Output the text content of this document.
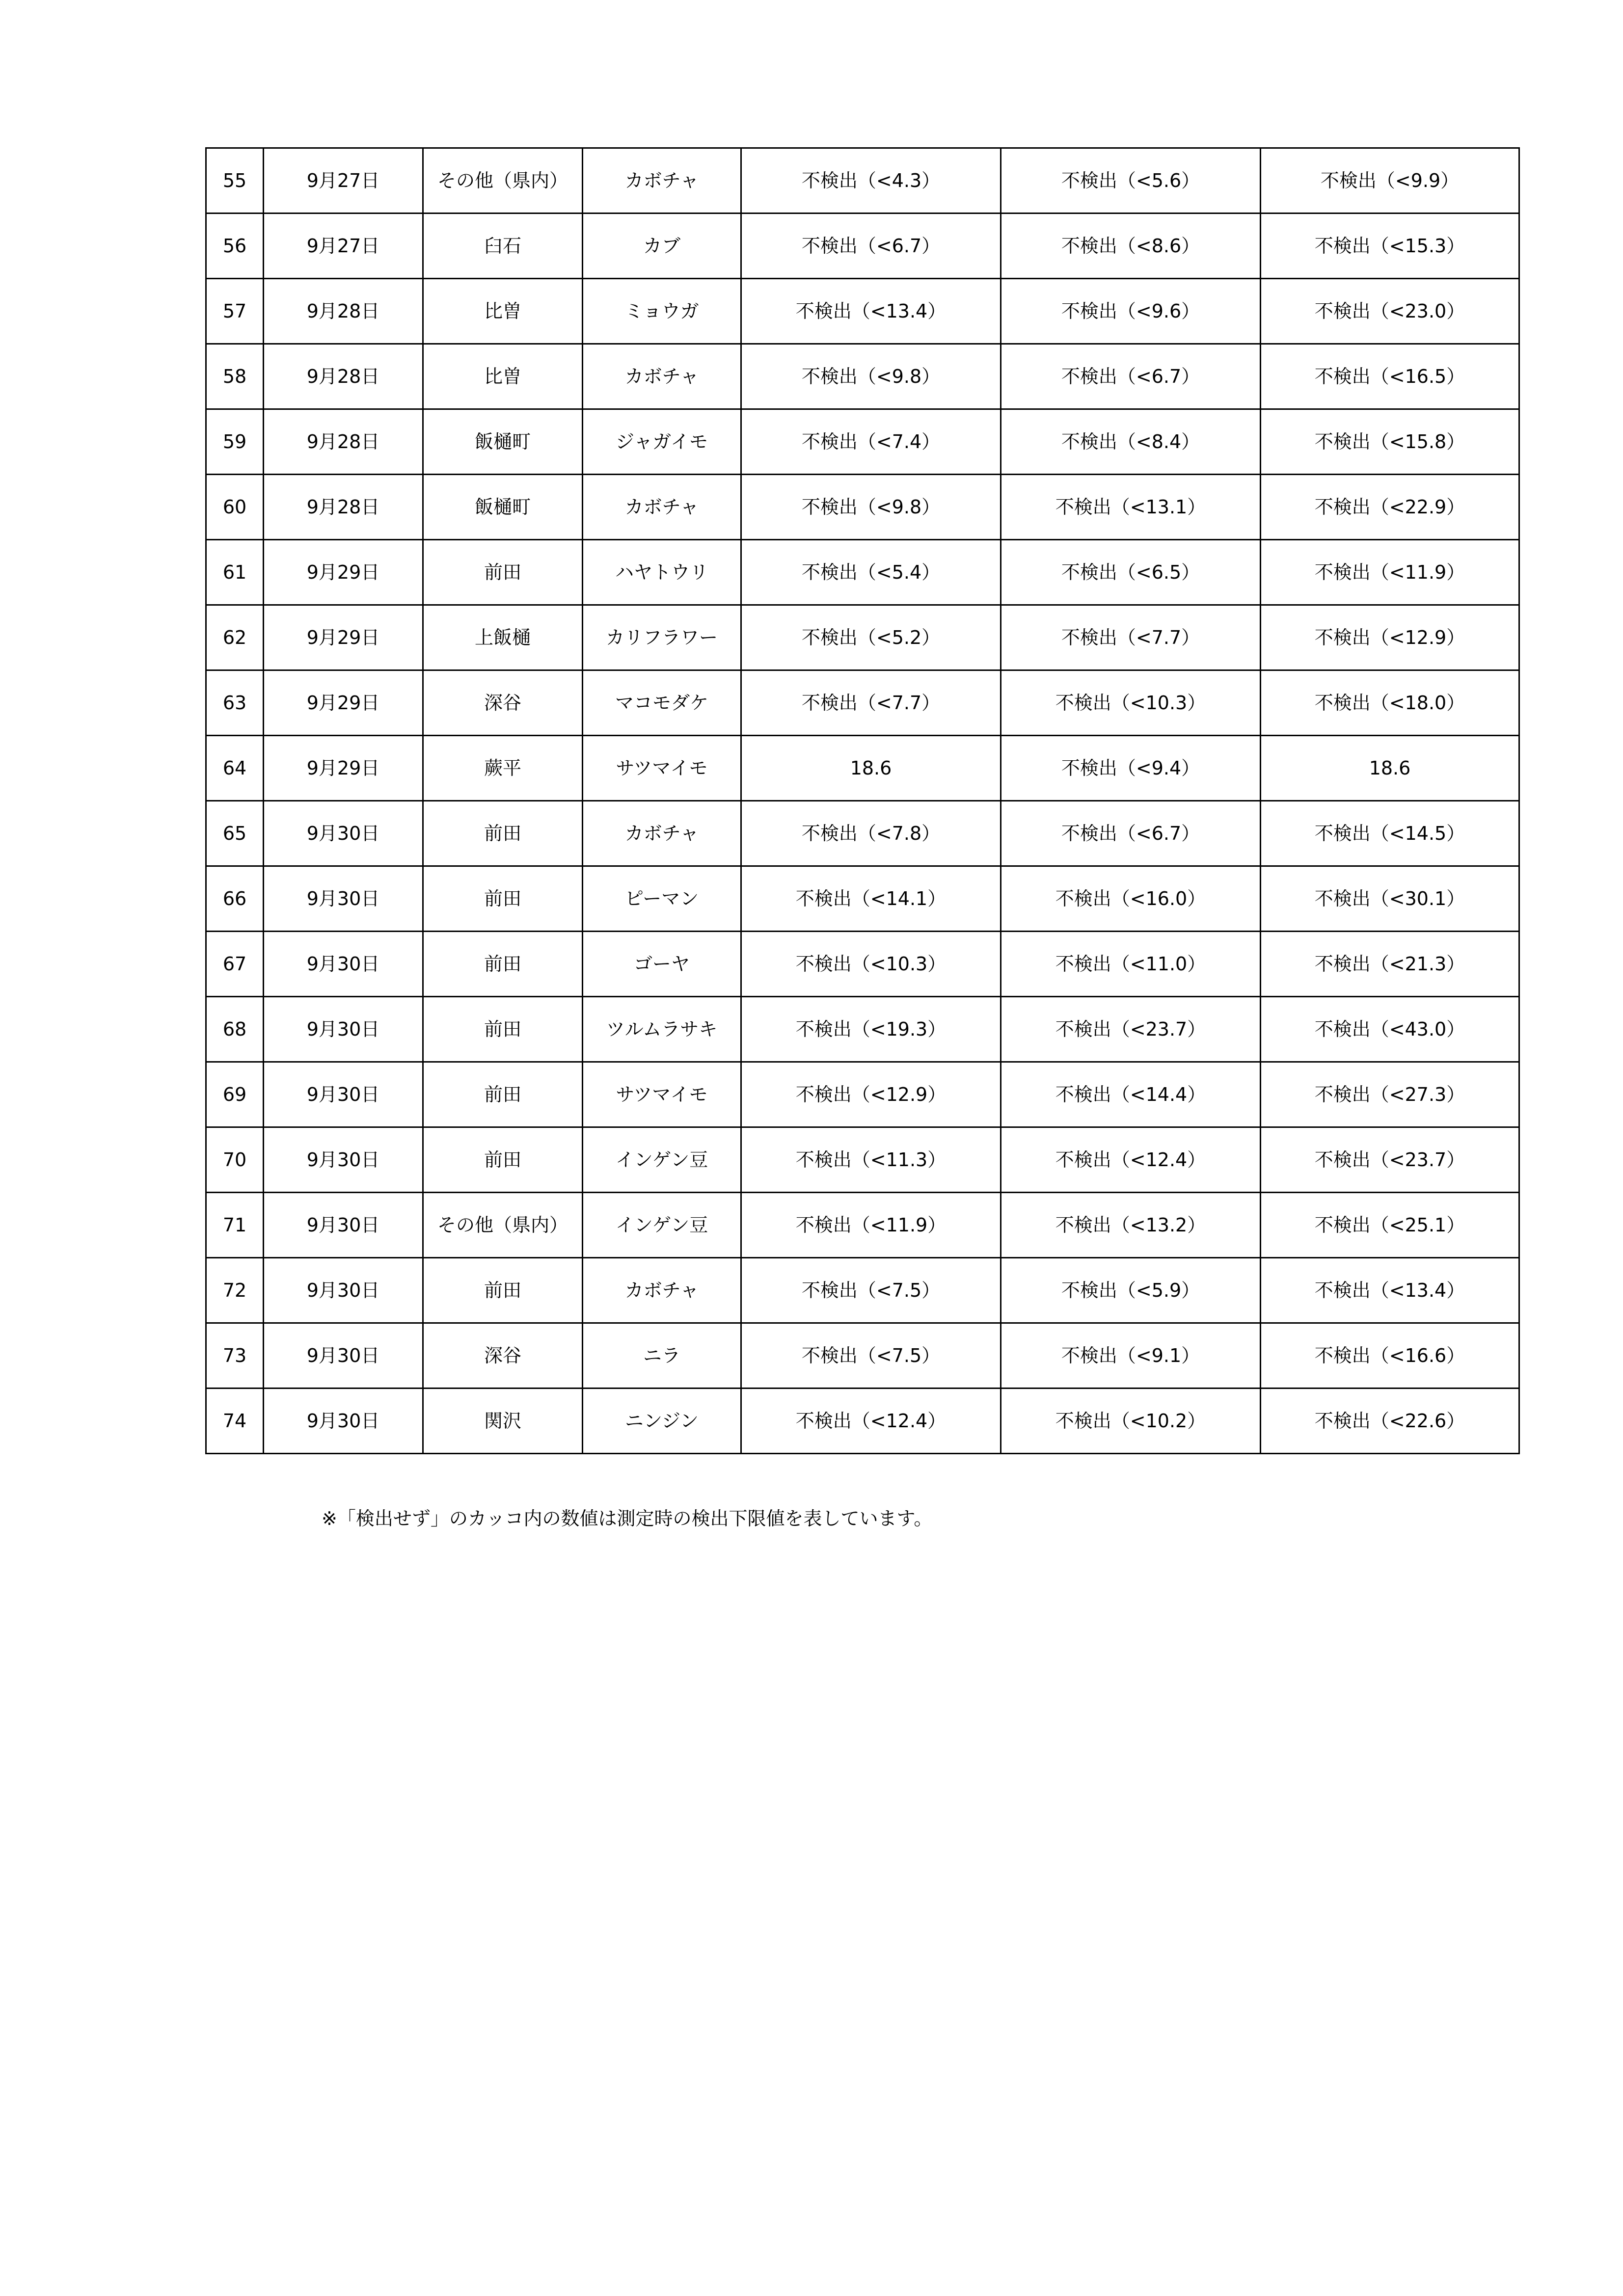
55	9月27日	その他（県内）	カボチャ	不検出（<4.3）	不検出（<5.6）	不検出（<9.9）
56	9月27日	臼石	カブ	不検出（<6.7）	不検出（<8.6）	不検出（<15.3）
57	9月28日	比曽	ミョウガ	不検出（<13.4）	不検出（<9.6）	不検出（<23.0）
58	9月28日	比曽	カボチャ	不検出（<9.8）	不検出（<6.7）	不検出（<16.5）
59	9月28日	飯樋町	ジャガイモ	不検出（<7.4）	不検出（<8.4）	不検出（<15.8）
60	9月28日	飯樋町	カボチャ	不検出（<9.8）	不検出（<13.1）	不検出（<22.9）
61	9月29日	前田	ハヤトウリ	不検出（<5.4）	不検出（<6.5）	不検出（<11.9）
62	9月29日	上飯樋	カリフラワー	不検出（<5.2）	不検出（<7.7）	不検出（<12.9）
63	9月29日	深谷	マコモダケ	不検出（<7.7）	不検出（<10.3）	不検出（<18.0）
64	9月29日	蕨平	サツマイモ	18.6	不検出（<9.4）	18.6
65	9月30日	前田	カボチャ	不検出（<7.8）	不検出（<6.7）	不検出（<14.5）
66	9月30日	前田	ピーマン	不検出（<14.1）	不検出（<16.0）	不検出（<30.1）
67	9月30日	前田	ゴーヤ	不検出（<10.3）	不検出（<11.0）	不検出（<21.3）
68	9月30日	前田	ツルムラサキ	不検出（<19.3）	不検出（<23.7）	不検出（<43.0）
69	9月30日	前田	サツマイモ	不検出（<12.9）	不検出（<14.4）	不検出（<27.3）
70	9月30日	前田	インゲン豆	不検出（<11.3）	不検出（<12.4）	不検出（<23.7）
71	9月30日	その他（県内）	インゲン豆	不検出（<11.9）	不検出（<13.2）	不検出（<25.1）
72	9月30日	前田	カボチャ	不検出（<7.5）	不検出（<5.9）	不検出（<13.4）
73	9月30日	深谷	ニラ	不検出（<7.5）	不検出（<9.1）	不検出（<16.6）
74	9月30日	関沢	ニンジン	不検出（<12.4）	不検出（<10.2）	不検出（<22.6）
※「検出せず」のカッコ内の数値は測定時の検出下限値を表しています。
